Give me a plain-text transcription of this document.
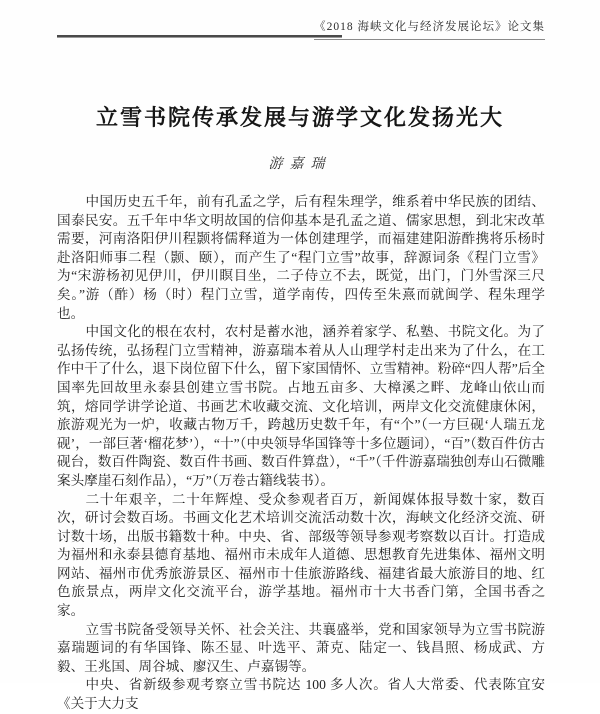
《2018 海峡文化与经济发展论坛》论文集
立雪书院传承发展与游学文化发扬光大
游嘉瑞

中国历史五千年，前有孔孟之学，后有程朱理学，维系着中华民族的团结、国泰民安。五千年中华文明故国的信仰基本是孔孟之道、儒家思想，到北宋改革需要，河南洛阳伊川程颢将儒释道为一体创建理学，而福建建阳游酢携将乐杨时赴洛阳师事二程（颢、颐），而产生了“程门立雪”故事，辞源词条《程门立雪》为“宋游杨初见伊川，伊川瞑目坐，二子侍立不去，既觉，出门，门外雪深三尺矣。”游（酢）杨（时）程门立雪，道学南传，四传至朱熹而就闽学、程朱理学也。

中国文化的根在农村，农村是蓄水池，涵养着家学、私塾、书院文化。为了弘扬传统，弘扬程门立雪精神，游嘉瑞本着从人山理学村走出来为了什么，在工作中干了什么，退下岗位留下什么，留下家国情怀、立雪精神。粉碎“四人帮”后全国率先回故里永泰县创建立雪书院。占地五亩多、大樟溪之畔、龙峰山依山而筑，熔同学讲学论道、书画艺术收藏交流、文化培训，两岸文化交流健康休闲，旅游观光为一炉，收藏古物万千，跨越历史数千年，有“个”（一方巨砚‘人瑞五龙砚’，一部巨著‘榴花梦’），“十”（中央领导华国锋等十多位题词），“百”（数百件仿古砚台，数百件陶瓷、数百件书画、数百件算盘），“千”（千件游嘉瑞独创寿山石微雕案头摩崖石刻作品），“万”（万卷古籍线装书）。

二十年艰辛，二十年辉煌、受众参观者百万，新闻媒体报导数十家，数百次，研讨会数百场。书画文化艺术培训交流活动数十次，海峡文化经济交流、研讨数十场，出版书籍数十种。中央、省、部级等领导参观考察数以百计。打造成为福州和永泰县德育基地、福州市未成年人道德、思想教育先进集体、福州文明网站、福州市优秀旅游景区、福州市十佳旅游路线、福建省最大旅游目的地、红色旅景点，两岸文化交流平台，游学基地。福州市十大书香门第，全国书香之家。

立雪书院备受领导关怀、社会关注、共襄盛举，党和国家领导为立雪书院游嘉瑞题词的有华国锋、陈丕显、叶选平、萧克、陆定一、钱昌照、杨成武、方毅、王兆国、周谷城、廖汉生、卢嘉锡等。

中央、省新级参观考察立雪书院达 100 多人次。省人大常委、代表陈宜安《关于大力支
